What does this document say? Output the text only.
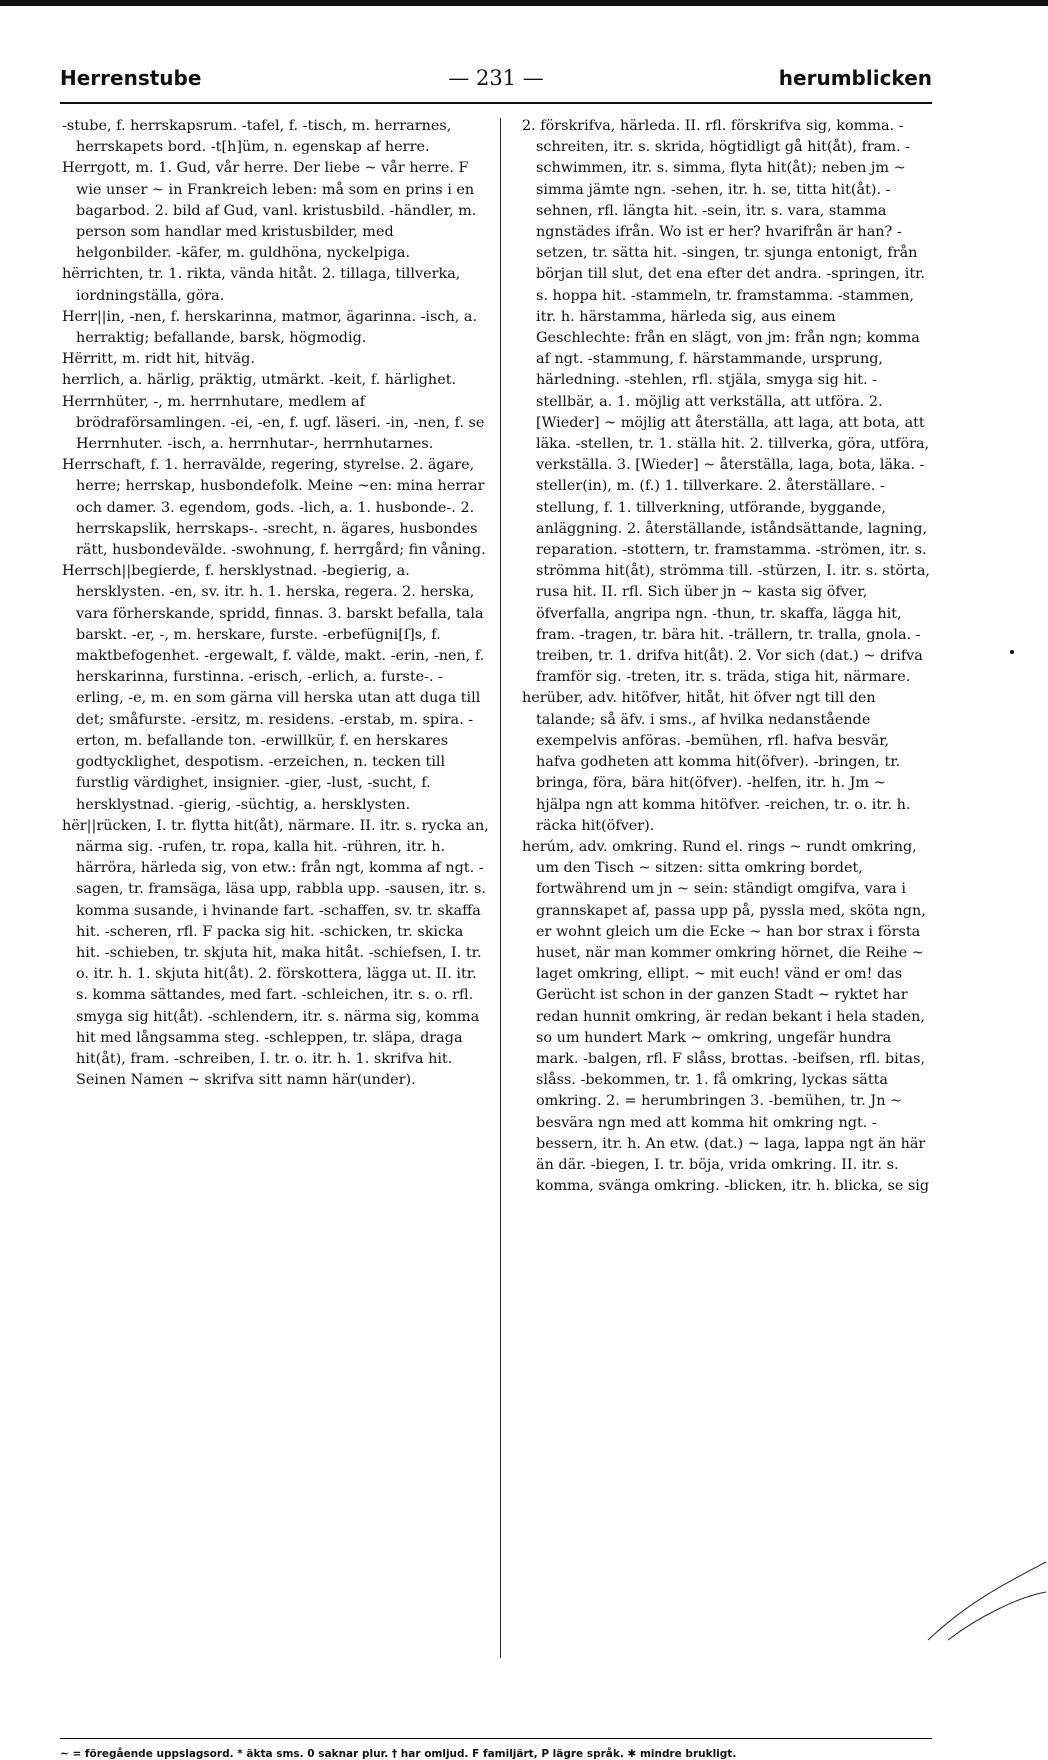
Herrenstube	— 231 —	herumblicken

-stube, f. herrskapsrum. -tafel, f. -tisch, m. herrarnes, herrskapets bord. -t[h]üm, n. egenskap af herre.

Herrgott, m. 1. Gud, vår herre. Der liebe ~ vår herre. F wie unser ~ in Frankreich leben: må som en prins i en bagarbod. 2. bild af Gud, vanl. kristusbild. -händler, m. person som handlar med kristusbilder, med helgonbilder. -käfer, m. guldhöna, nyckelpiga.

hërrichten, tr. 1. rikta, vända hitåt. 2. tillaga, tillverka, iordningställa, göra.

Herr||in, -nen, f. herskarinna, matmor, ägarinna. -isch, a. herraktig; befallande, barsk, högmodig.

Hërritt, m. ridt hit, hitväg.

herrlich, a. härlig, präktig, utmärkt. -keit, f. härlighet.

Herrnhüter, -, m. herrnhutare, medlem af brödraförsamlingen. -ei, -en, f. ugf. läseri. -in, -nen, f. se Herrnhuter. -isch, a. herrnhutar-, herrnhutarnes.

Herrschaft, f. 1. herravälde, regering, styrelse. 2. ägare, herre; herrskap, husbondefolk. Meine ~en: mina herrar och damer. 3. egendom, gods. -lich, a. 1. husbonde-. 2. herrskapslik, herrskaps-. -srecht, n. ägares, husbondes rätt, husbondevälde. -swohnung, f. herrgård; fin våning.

Herrsch||begierde, f. hersklystnad. -begierig, a. hersklysten. -en, sv. itr. h. 1. herska, regera. 2. herska, vara förherskande, spridd, finnas. 3. barskt befalla, tala barskt. -er, -, m. herskare, furste. -erbefügni[ſ]s, f. maktbefogenhet. -ergewalt, f. välde, makt. -erin, -nen, f. herskarinna, furstinna. -erisch, -erlich, a. furste-. -erling, -e, m. en som gärna vill herska utan att duga till det; småfurste. -ersitz, m. residens. -erstab, m. spira. -erton, m. befallande ton. -erwillkür, f. en herskares godtycklighet, despotism. -erzeichen, n. tecken till furstlig värdighet, insignier. -gier, -lust, -sucht, f. hersklystnad. -gierig, -süchtig, a. hersklysten.

hër||rücken, I. tr. flytta hit(åt), närmare. II. itr. s. rycka an, närma sig. -rufen, tr. ropa, kalla hit. -rühren, itr. h. härröra, härleda sig, von etw.: från ngt, komma af ngt. -sagen, tr. framsäga, läsa upp, rabbla upp. -sausen, itr. s. komma susande, i hvinande fart. -schaffen, sv. tr. skaffa hit. -scheren, rfl. F packa sig hit. -schicken, tr. skicka hit. -schieben, tr. skjuta hit, maka hitåt. -schiefsen, I. tr. o. itr. h. 1. skjuta hit(åt). 2. förskottera, lägga ut. II. itr. s. komma sättandes, med fart. -schleichen, itr. s. o. rfl. smyga sig hit(åt). -schlendern, itr. s. närma sig, komma hit med långsamma steg. -schleppen, tr. släpa, draga hit(åt), fram. -schreiben, I. tr. o. itr. h. 1. skrifva hit. Seinen Namen ~ skrifva sitt namn här(under).

2. förskrifva, härleda. II. rfl. förskrifva sig, komma. -schreiten, itr. s. skrida, högtidligt gå hit(åt), fram. -schwimmen, itr. s. simma, flyta hit(åt); neben jm ~ simma jämte ngn. -sehen, itr. h. se, titta hit(åt). -sehnen, rfl. längta hit. -sein, itr. s. vara, stamma ngnstädes ifrån. Wo ist er her? hvarifrån är han? -setzen, tr. sätta hit. -singen, tr. sjunga entonigt, från början till slut, det ena efter det andra. -springen, itr. s. hoppa hit. -stammeln, tr. framstamma. -stammen, itr. h. härstamma, härleda sig, aus einem Geschlechte: från en slägt, von jm: från ngn; komma af ngt. -stammung, f. härstammande, ursprung, härledning. -stehlen, rfl. stjäla, smyga sig hit. -stellbär, a. 1. möjlig att verkställa, att utföra. 2. [Wieder] ~ möjlig att återställa, att laga, att bota, att läka. -stellen, tr. 1. ställa hit. 2. tillverka, göra, utföra, verkställa. 3. [Wieder] ~ återställa, laga, bota, läka. -steller(in), m. (f.) 1. tillverkare. 2. återställare. -stellung, f. 1. tillverkning, utförande, byggande, anläggning. 2. återställande, iståndsättande, lagning, reparation. -stottern, tr. framstamma. -strömen, itr. s. strömma hit(åt), strömma till. -stürzen, I. itr. s. störta, rusa hit. II. rfl. Sich über jn ~ kasta sig öfver, öfverfalla, angripa ngn. -thun, tr. skaffa, lägga hit, fram. -tragen, tr. bära hit. -trällern, tr. tralla, gnola. -treiben, tr. 1. drifva hit(åt). 2. Vor sich (dat.) ~ drifva framför sig. -treten, itr. s. träda, stiga hit, närmare.

herüber, adv. hitöfver, hitåt, hit öfver ngt till den talande; så äfv. i sms., af hvilka nedanstående exempelvis anföras. -bemühen, rfl. hafva besvär, hafva godheten att komma hit(öfver). -bringen, tr. bringa, föra, bära hit(öfver). -helfen, itr. h. Jm ~ hjälpa ngn att komma hitöfver. -reichen, tr. o. itr. h. räcka hit(öfver).

herúm, adv. omkring. Rund el. rings ~ rundt omkring, um den Tisch ~ sitzen: sitta omkring bordet, fortwährend um jn ~ sein: ständigt omgifva, vara i grannskapet af, passa upp på, pyssla med, sköta ngn, er wohnt gleich um die Ecke ~ han bor strax i första huset, när man kommer omkring hörnet, die Reihe ~ laget omkring, ellipt. ~ mit euch! vänd er om! das Gerücht ist schon in der ganzen Stadt ~ ryktet har redan hunnit omkring, är redan bekant i hela staden, so um hundert Mark ~ omkring, ungefär hundra mark. -balgen, rfl. F slåss, brottas. -beifsen, rfl. bitas, slåss. -bekommen, tr. 1. få omkring, lyckas sätta omkring. 2. = herumbringen 3. -bemühen, tr. Jn ~ besvära ngn med att komma hit omkring ngt. -bessern, itr. h. An etw. (dat.) ~ laga, lappa ngt än här än där. -biegen, I. tr. böja, vrida omkring. II. itr. s. komma, svänga omkring. -blicken, itr. h. blicka, se sig

~ = föregående uppslagsord. * äkta sms. 0 saknar plur. † har omljud. F familjärt, P lägre språk. ✱ mindre brukligt.
